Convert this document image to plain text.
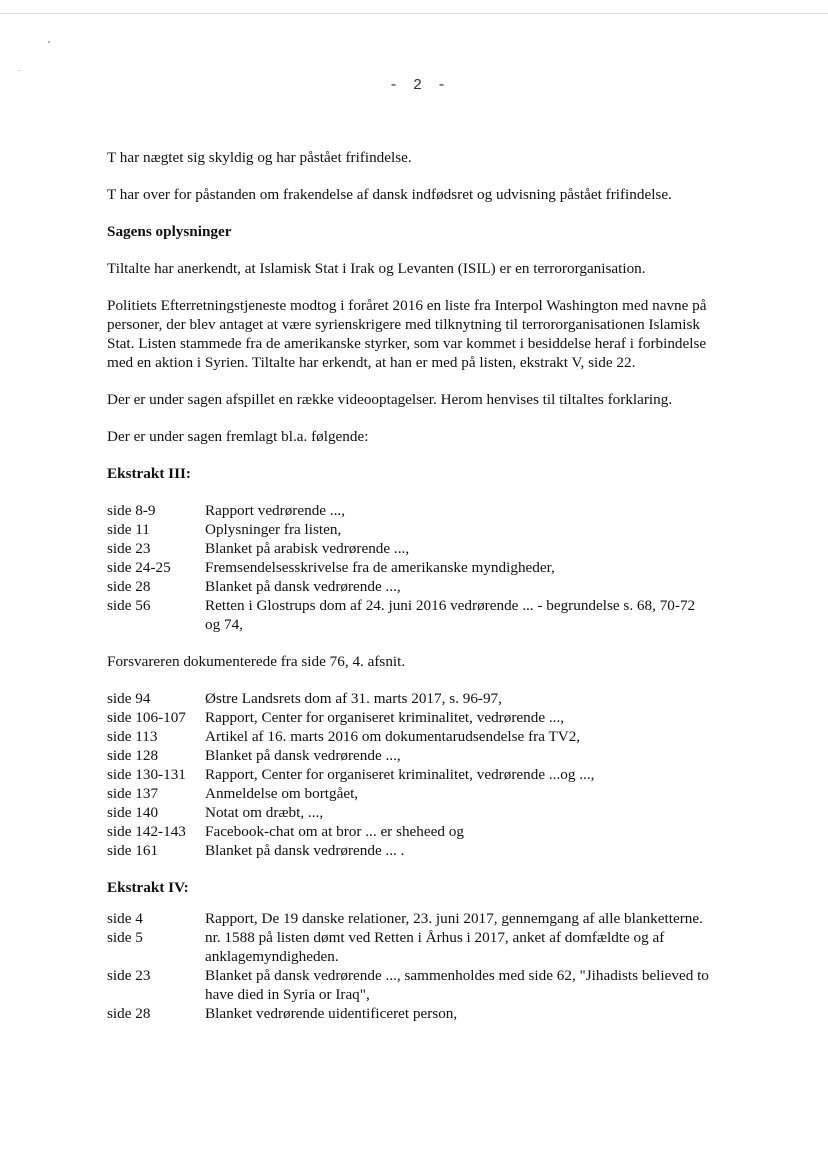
- 2 -

T har nægtet sig skyldig og har påstået frifindelse.

T har over for påstanden om frakendelse af dansk indfødsret og udvisning påstået frifindelse.

Sagens oplysninger

Tiltalte har anerkendt, at Islamisk Stat i Irak og Levanten (ISIL) er en terrororganisation.

Politiets Efterretningstjeneste modtog i foråret 2016 en liste fra Interpol Washington med navne på personer, der blev antaget at være syrienskrigere med tilknytning til terrororganisationen Islamisk Stat. Listen stammede fra de amerikanske styrker, som var kommet i besiddelse heraf i forbindelse med en aktion i Syrien. Tiltalte har erkendt, at han er med på listen, ekstrakt V, side 22.

Der er under sagen afspillet en række videooptagelser. Herom henvises til tiltaltes forklaring.

Der er under sagen fremlagt bl.a. følgende:

Ekstrakt III:

side 8-9	Rapport vedrørende ...,
side 11	Oplysninger fra listen,
side 23	Blanket på arabisk vedrørende ...,
side 24-25	Fremsendelsesskrivelse fra de amerikanske myndigheder,
side 28	Blanket på dansk vedrørende ...,
side 56	Retten i Glostrups dom af 24. juni 2016 vedrørende ... - begrundelse s. 68, 70-72 og 74,

Forsvareren dokumenterede fra side 76, 4. afsnit.

side 94	Østre Landsrets dom af 31. marts 2017, s. 96-97,
side 106-107	Rapport, Center for organiseret kriminalitet, vedrørende ...,
side 113	Artikel af 16. marts 2016 om dokumentarudsendelse fra TV2,
side 128	Blanket på dansk vedrørende ...,
side 130-131	Rapport, Center for organiseret kriminalitet, vedrørende ...og ...,
side 137	Anmeldelse om bortgået,
side 140	Notat om dræbt, ...,
side 142-143	Facebook-chat om at bror ... er sheheed og
side 161	Blanket på dansk vedrørende ... .

Ekstrakt IV:

side 4	Rapport, De 19 danske relationer, 23. juni 2017, gennemgang af alle blanketterne.
side 5	nr. 1588 på listen dømt ved Retten i Århus i 2017, anket af domfældte og af anklagemyndigheden.
side 23	Blanket på dansk vedrørende ..., sammenholdes med side 62, "Jihadists believed to have died in Syria or Iraq",
side 28	Blanket vedrørende uidentificeret person,
